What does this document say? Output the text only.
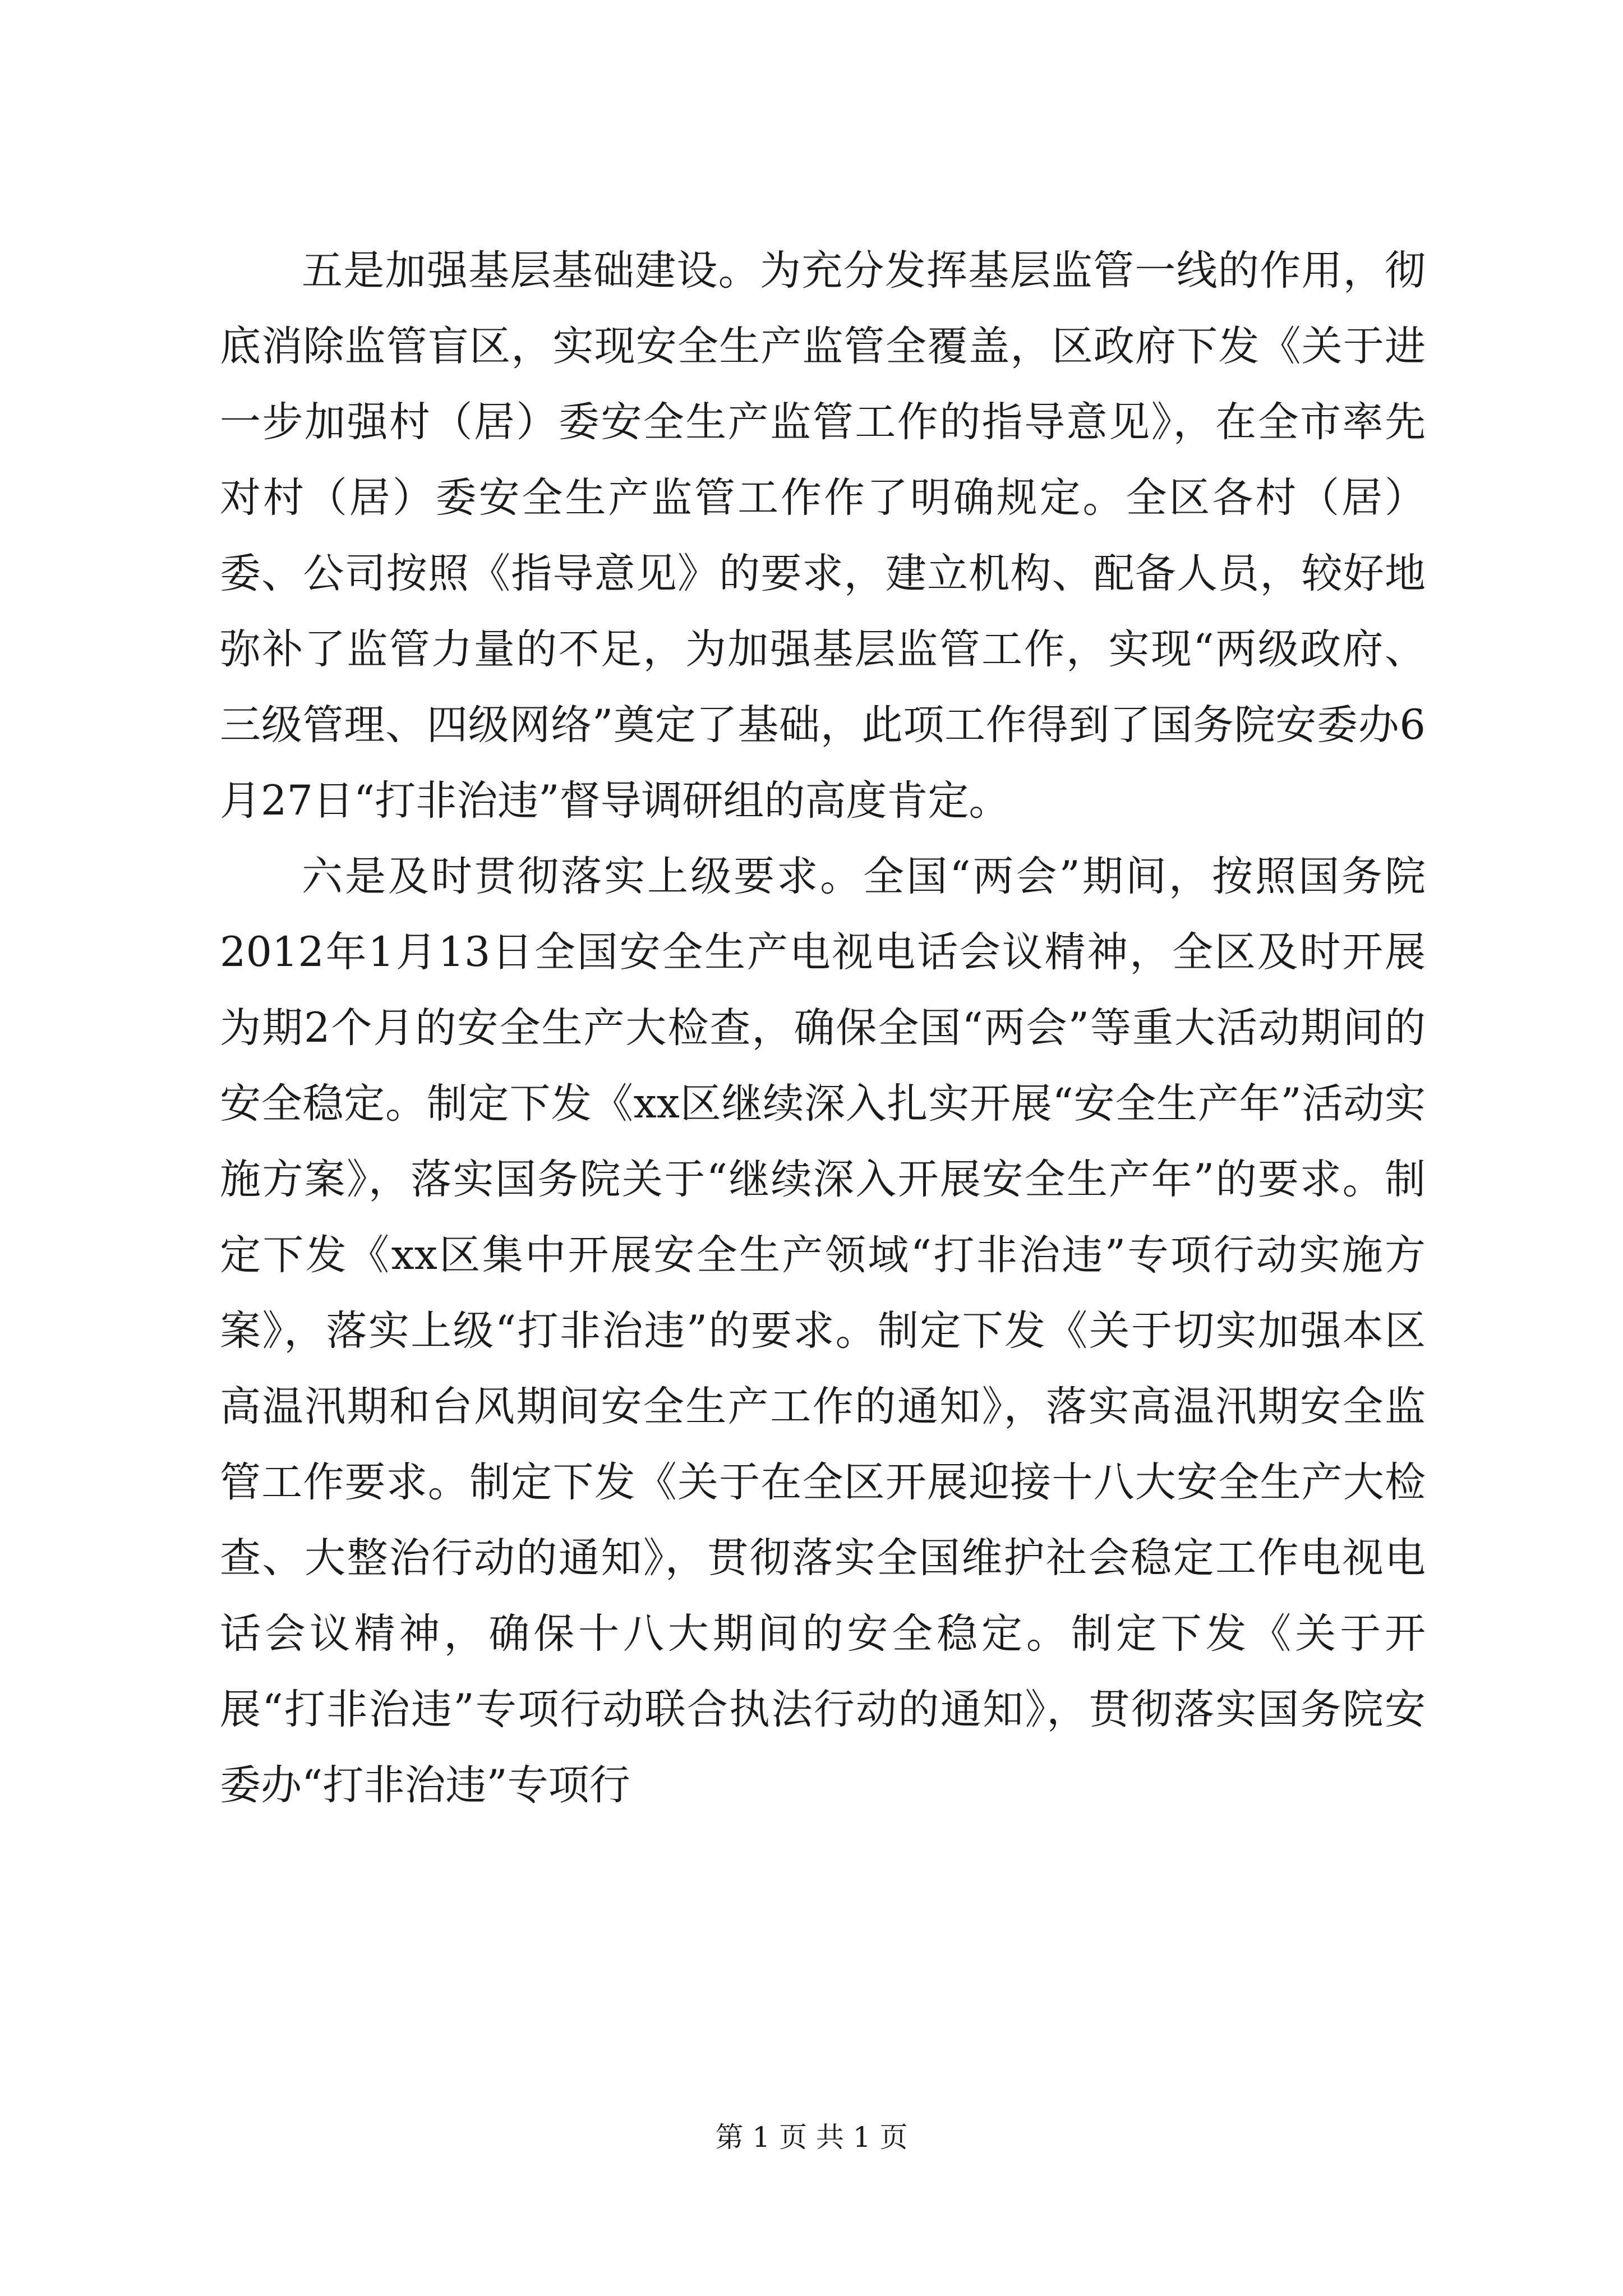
五是加强基层基础建设。为充分发挥基层监管一线的作用，彻底消除监管盲区，实现安全生产监管全覆盖，区政府下发《关于进一步加强村（居）委安全生产监管工作的指导意见》，在全市率先对村（居）委安全生产监管工作作了明确规定。全区各村（居）委、公司按照《指导意见》的要求，建立机构、配备人员，较好地弥补了监管力量的不足，为加强基层监管工作，实现“两级政府、三级管理、四级网络”奠定了基础，此项工作得到了国务院安委办6月27日“打非治违”督导调研组的高度肯定。

六是及时贯彻落实上级要求。全国“两会”期间，按照国务院2012年1月13日全国安全生产电视电话会议精神，全区及时开展为期2个月的安全生产大检查，确保全国“两会”等重大活动期间的安全稳定。制定下发《xx区继续深入扎实开展“安全生产年”活动实施方案》，落实国务院关于“继续深入开展安全生产年”的要求。制定下发《xx区集中开展安全生产领域“打非治违”专项行动实施方案》，落实上级“打非治违”的要求。制定下发《关于切实加强本区高温汛期和台风期间安全生产工作的通知》，落实高温汛期安全监管工作要求。制定下发《关于在全区开展迎接十八大安全生产大检查、大整治行动的通知》，贯彻落实全国维护社会稳定工作电视电话会议精神，确保十八大期间的安全稳定。制定下发《关于开展“打非治违”专项行动联合执法行动的通知》，贯彻落实国务院安委办“打非治违”专项行

第 1 页 共 1 页
